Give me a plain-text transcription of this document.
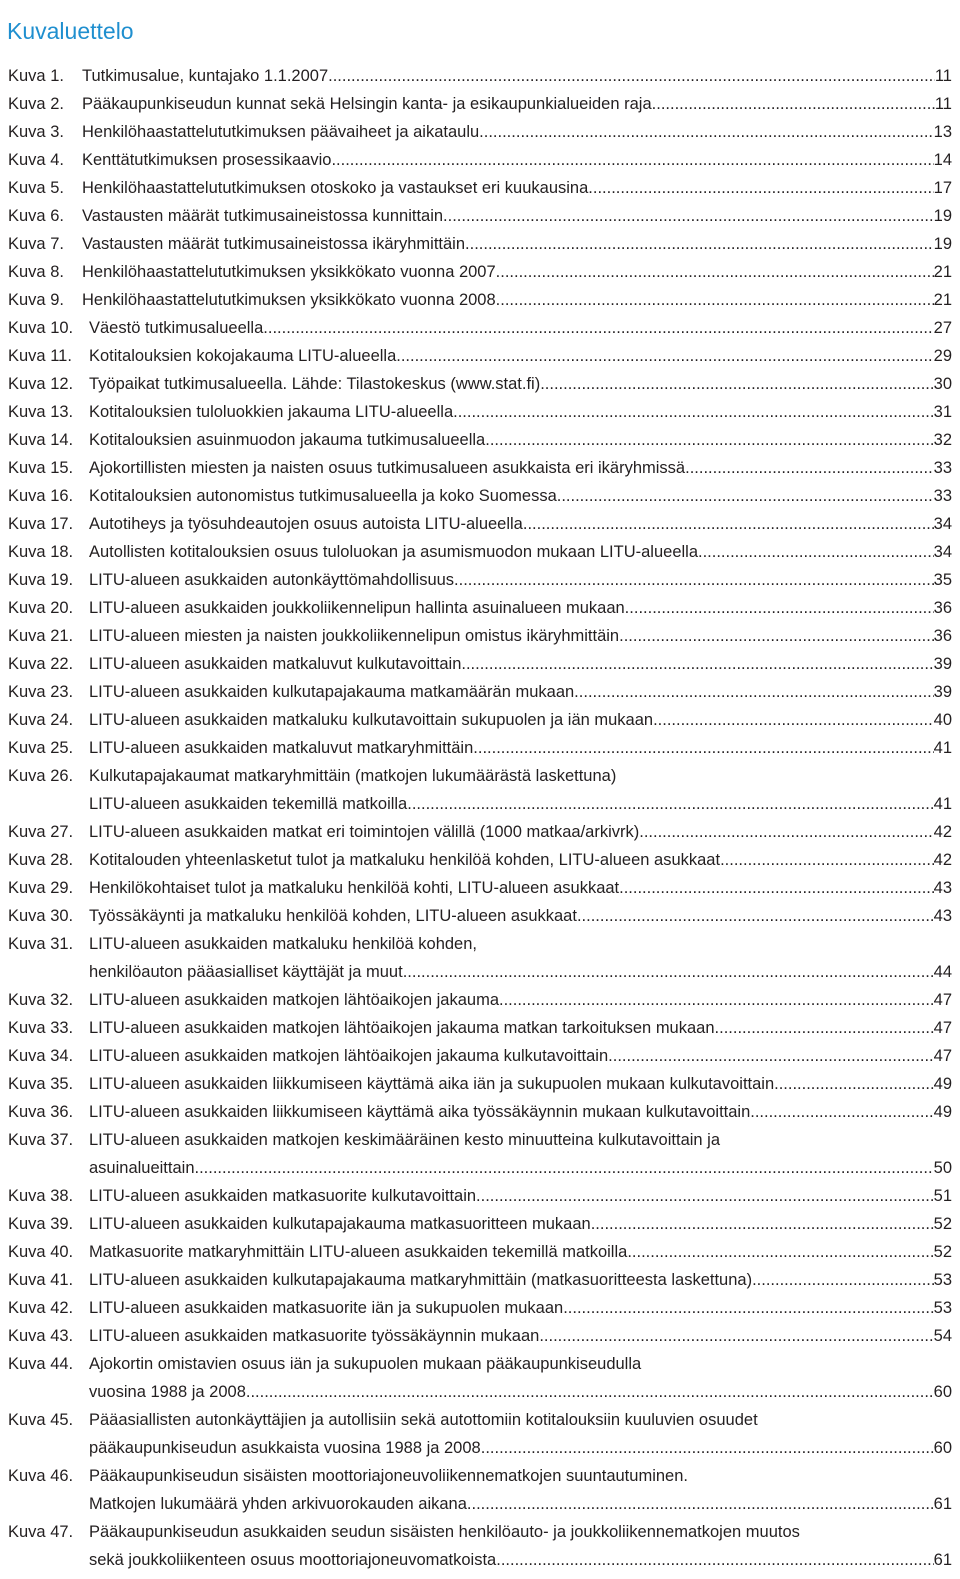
Kuvaluettelo
Kuva 1.	Tutkimusalue, kuntajako 1.1.2007. .....	11
Kuva 2.	Pääkaupunkiseudun kunnat sekä Helsingin kanta- ja esikaupunkialueiden raja. .....	11
Kuva 3.	Henkilöhaastattelututkimuksen päävaiheet ja aikataulu. .....	13
Kuva 4.	Kenttätutkimuksen prosessikaavio. .....	14
Kuva 5.	Henkilöhaastattelututkimuksen otoskoko ja vastaukset eri kuukausina. .....	17
Kuva 6.	Vastausten määrät tutkimusaineistossa kunnittain. .....	19
Kuva 7.	Vastausten määrät tutkimusaineistossa ikäryhmittäin. .....	19
Kuva 8.	Henkilöhaastattelututkimuksen yksikkökato vuonna 2007. .....	21
Kuva 9.	Henkilöhaastattelututkimuksen yksikkökato vuonna 2008. .....	21
Kuva 10. Väestö tutkimusalueella. .....	27
Kuva 11.	Kotitalouksien kokojakauma LITU-alueella. .....	29
Kuva 12. Työpaikat tutkimusalueella. Lähde: Tilastokeskus (www.stat.fi) .....	30
Kuva 13. Kotitalouksien tuloluokkien jakauma LITU-alueella. .....	31
Kuva 14. Kotitalouksien asuinmuodon jakauma tutkimusalueella. .....	32
Kuva 15. Ajokortillisten miesten ja naisten osuus tutkimusalueen asukkaista eri ikäryhmissä. .....	33
Kuva 16. Kotitalouksien autonomistus tutkimusalueella ja koko Suomessa. .....	33
Kuva 17. Autotiheys ja työsuhdeautojen osuus autoista LITU-alueella. .....	34
Kuva 18. Autollisten kotitalouksien osuus tuloluokan ja asumismuodon mukaan LITU-alueella. .....	34
Kuva 19. LITU-alueen asukkaiden autonkäyttömahdollisuus. .....	35
Kuva 20. LITU-alueen asukkaiden joukkoliikennelipun hallinta asuinalueen mukaan. .....	36
Kuva 21. LITU-alueen miesten ja naisten joukkoliikennelipun omistus ikäryhmittäin. .....	36
Kuva 22. LITU-alueen asukkaiden matkaluvut kulkutavoittain. .....	39
Kuva 23. LITU-alueen asukkaiden kulkutapajakauma matkamäärän mukaan. .....	39
Kuva 24. LITU-alueen asukkaiden matkaluku kulkutavoittain sukupuolen ja iän mukaan. .....	40
Kuva 25. LITU-alueen asukkaiden matkaluvut matkaryhmittäin. .....	41
Kuva 26. Kulkutapajakaumat matkaryhmittäin (matkojen lukumäärästä laskettuna)
LITU-alueen asukkaiden tekemillä matkoilla. .....	41
Kuva 27. LITU-alueen asukkaiden matkat eri toimintojen välillä (1000 matkaa/arkivrk). .....	42
Kuva 28. Kotitalouden yhteenlasketut tulot ja matkaluku henkilöä kohden, LITU-alueen asukkaat. .....	42
Kuva 29. Henkilökohtaiset tulot ja matkaluku henkilöä kohti, LITU-alueen asukkaat. .....	43
Kuva 30. Työssäkäynti ja matkaluku henkilöä kohden, LITU-alueen asukkaat. .....	43
Kuva 31. LITU-alueen asukkaiden matkaluku henkilöä kohden,
henkilöauton pääasialliset käyttäjät ja muut. .....	44
Kuva 32. LITU-alueen asukkaiden matkojen lähtöaikojen jakauma. .....	47
Kuva 33. LITU-alueen asukkaiden matkojen lähtöaikojen jakauma matkan tarkoituksen mukaan. .....	47
Kuva 34. LITU-alueen asukkaiden matkojen lähtöaikojen jakauma kulkutavoittain. .....	47
Kuva 35. LITU-alueen asukkaiden liikkumiseen käyttämä aika iän ja sukupuolen mukaan kulkutavoittain. .....	49
Kuva 36. LITU-alueen asukkaiden liikkumiseen käyttämä aika työssäkäynnin mukaan kulkutavoittain. .....	49
Kuva 37. LITU-alueen asukkaiden matkojen keskimääräinen kesto minuutteina kulkutavoittain ja
asuinalueittain. .....	50
Kuva 38. LITU-alueen asukkaiden matkasuorite kulkutavoittain. .....	51
Kuva 39. LITU-alueen asukkaiden kulkutapajakauma matkasuoritteen mukaan. .....	52
Kuva 40. Matkasuorite matkaryhmittäin LITU-alueen asukkaiden tekemillä matkoilla. .....	52
Kuva 41. LITU-alueen asukkaiden kulkutapajakauma matkaryhmittäin (matkasuoritteesta laskettuna). .....	53
Kuva 42. LITU-alueen asukkaiden matkasuorite iän ja sukupuolen mukaan. .....	53
Kuva 43. LITU-alueen asukkaiden matkasuorite työssäkäynnin mukaan. .....	54
Kuva 44. Ajokortin omistavien osuus iän ja sukupuolen mukaan pääkaupunkiseudulla
vuosina 1988 ja 2008. .....	60
Kuva 45. Pääasiallisten autonkäyttäjien ja autollisiin sekä autottomiin kotitalouksiin kuuluvien osuudet
pääkaupunkiseudun asukkaista vuosina 1988 ja 2008. .....	60
Kuva 46. Pääkaupunkiseudun sisäisten moottoriajoneuvoliikennematkojen suuntautuminen.
Matkojen lukumäärä yhden arkivuorokauden aikana. .....	61
Kuva 47. Pääkaupunkiseudun asukkaiden seudun sisäisten henkilöauto- ja joukkoliikennematkojen muutos
sekä joukkoliikenteen osuus moottoriajoneuvomatkoista. .....	61
